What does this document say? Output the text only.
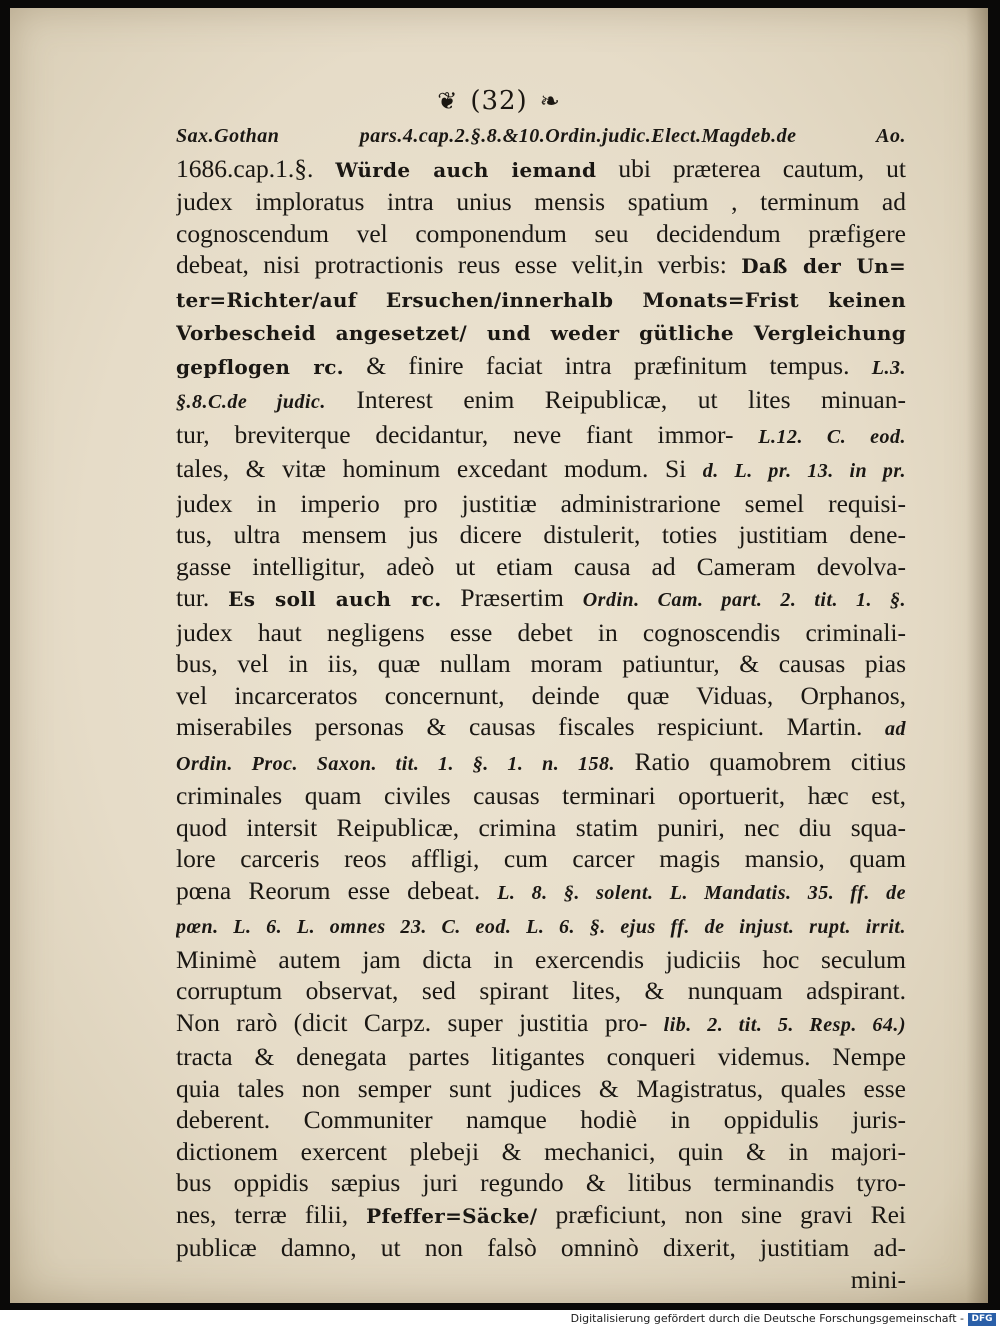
❦ (32) ❧
Sax.Gothan pars.4.cap.2.§.8.&10.Ordin.judic.Elect.Magdeb.de Ao.
1686.cap.1.§. Würde auch iemand ubi præterea cautum, ut
judex imploratus intra unius mensis spatium , terminum ad
cognoscendum vel componendum seu decidendum præfigere
debeat, nisi protractionis reus esse velit,in verbis: Daß der Un=
ter=Richter/auf Ersuchen/innerhalb Monats=Frist keinen
Vorbescheid angesetzet/ und weder gütliche Vergleichung
gepflogen rc. & finire faciat intra præfinitum tempus. L.3.
§.8.C.de judic. Interest enim Reipublicæ, ut lites minuan-
tur, breviterque decidantur, neve fiant immor- L.12. C. eod.
tales, & vitæ hominum excedant modum. Si d. L. pr. 13. in pr.
judex in imperio pro justitiæ administrarione semel requisi-
tus, ultra mensem jus dicere distulerit, toties justitiam dene-
gasse intelligitur, adeò ut etiam causa ad Cameram devolva-
tur. Es soll auch rc. Præsertim Ordin. Cam. part. 2. tit. 1. §.
judex haut negligens esse debet in cognoscendis criminali-
bus, vel in iis, quæ nullam moram patiuntur, & causas pias
vel incarceratos concernunt, deinde quæ Viduas, Orphanos,
miserabiles personas & causas fiscales respiciunt. Martin. ad
Ordin. Proc. Saxon. tit. 1. §. 1. n. 158. Ratio quamobrem citius
criminales quam civiles causas terminari oportuerit, hæc est,
quod intersit Reipublicæ, crimina statim puniri, nec diu squa-
lore carceris reos affligi, cum carcer magis mansio, quam
pœna Reorum esse debeat. L. 8. §. solent. L. Mandatis. 35. ff. de
pœn. L. 6. L. omnes 23. C. eod. L. 6. §. ejus ff. de injust. rupt. irrit.
Minimè autem jam dicta in exercendis judiciis hoc seculum
corruptum observat, sed spirant lites, & nunquam adspirant.
Non rarò (dicit Carpz. super justitia pro- lib. 2. tit. 5. Resp. 64.)
tracta & denegata partes litigantes conqueri videmus. Nempe
quia tales non semper sunt judices & Magistratus, quales esse
deberent. Communiter namque hodiè in oppidulis juris-
dictionem exercent plebeji & mechanici, quin & in majori-
bus oppidis sæpius juri regundo & litibus terminandis tyro-
nes, terræ filii, Pfeffer=Säcke/ præficiunt, non sine gravi Rei
publicæ damno, ut non falsò omninò dixerit, justitiam ad-
mini-
Digitalisierung gefördert durch die Deutsche Forschungsgemeinschaft - DFG
